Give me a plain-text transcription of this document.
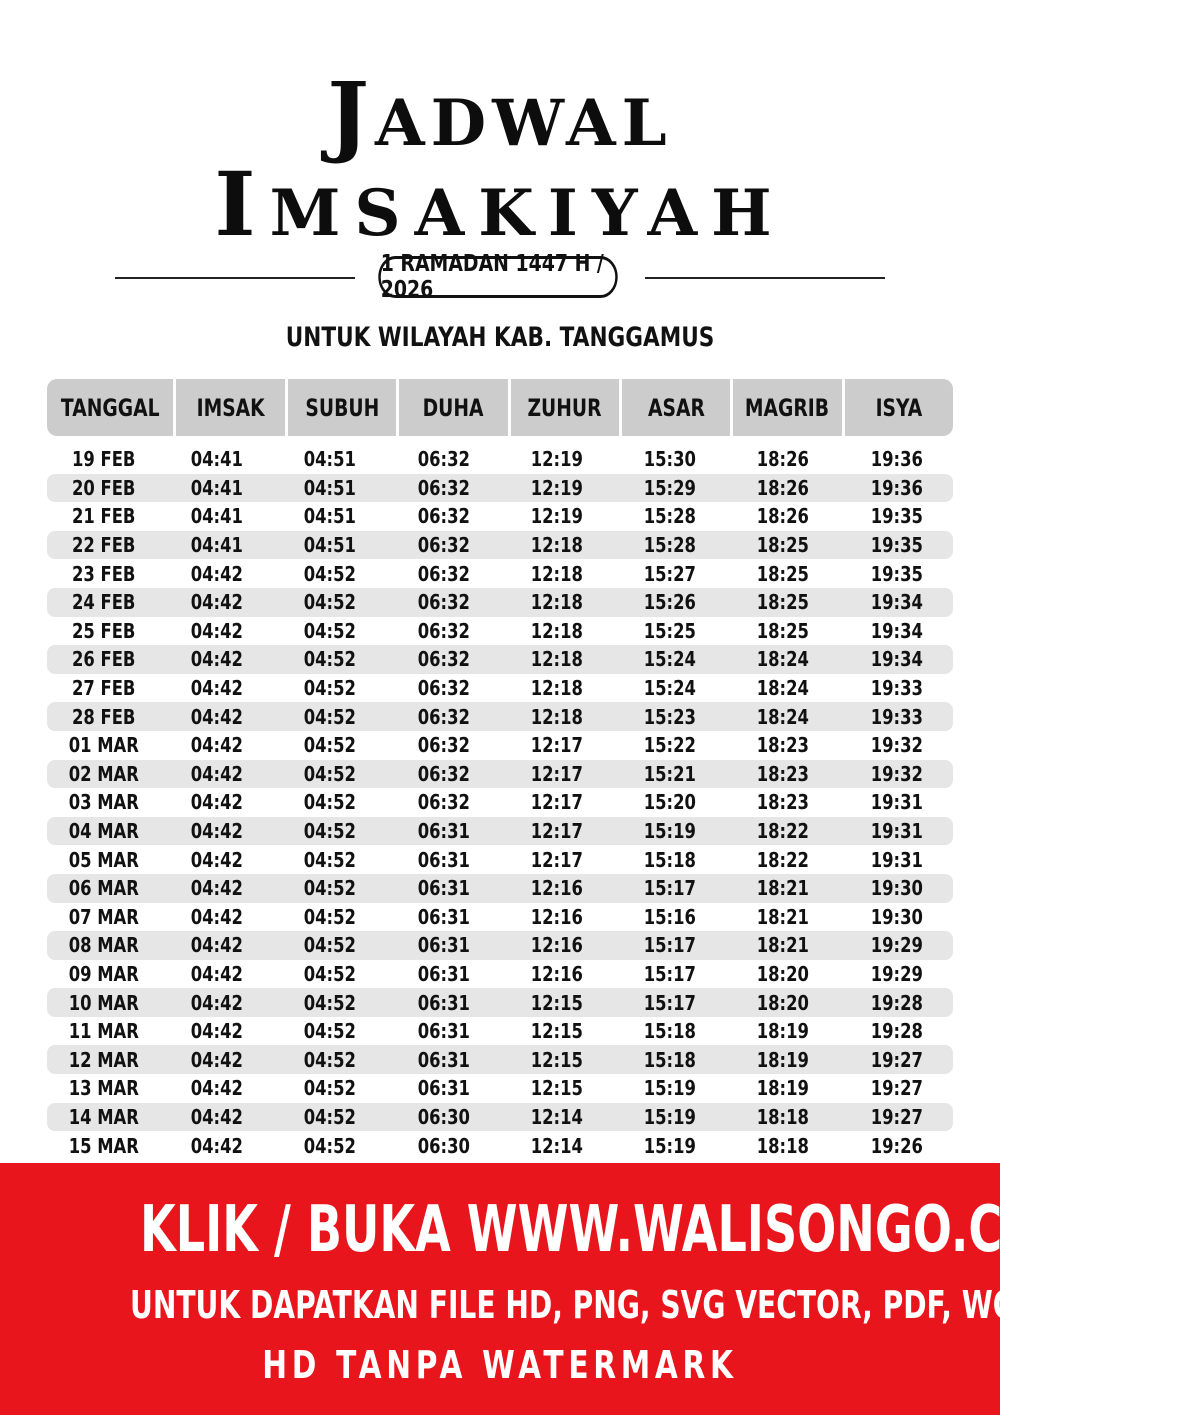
JADWAL
IMSAKIYAH
1 RAMADAN 1447 H / 2026
UNTUK WILAYAH KAB. TANGGAMUS
TANGGAL IMSAK SUBUH DUHA ZUHUR ASAR MAGRIB ISYA
19 FEB	04:41	04:51	06:32	12:19	15:30	18:26	19:36
20 FEB	04:41	04:51	06:32	12:19	15:29	18:26	19:36
21 FEB	04:41	04:51	06:32	12:19	15:28	18:26	19:35
22 FEB	04:41	04:51	06:32	12:18	15:28	18:25	19:35
23 FEB	04:42	04:52	06:32	12:18	15:27	18:25	19:35
24 FEB	04:42	04:52	06:32	12:18	15:26	18:25	19:34
25 FEB	04:42	04:52	06:32	12:18	15:25	18:25	19:34
26 FEB	04:42	04:52	06:32	12:18	15:24	18:24	19:34
27 FEB	04:42	04:52	06:32	12:18	15:24	18:24	19:33
28 FEB	04:42	04:52	06:32	12:18	15:23	18:24	19:33
01 MAR	04:42	04:52	06:32	12:17	15:22	18:23	19:32
02 MAR	04:42	04:52	06:32	12:17	15:21	18:23	19:32
03 MAR	04:42	04:52	06:32	12:17	15:20	18:23	19:31
04 MAR	04:42	04:52	06:31	12:17	15:19	18:22	19:31
05 MAR	04:42	04:52	06:31	12:17	15:18	18:22	19:31
06 MAR	04:42	04:52	06:31	12:16	15:17	18:21	19:30
07 MAR	04:42	04:52	06:31	12:16	15:16	18:21	19:30
08 MAR	04:42	04:52	06:31	12:16	15:17	18:21	19:29
09 MAR	04:42	04:52	06:31	12:16	15:17	18:20	19:29
10 MAR	04:42	04:52	06:31	12:15	15:17	18:20	19:28
11 MAR	04:42	04:52	06:31	12:15	15:18	18:19	19:28
12 MAR	04:42	04:52	06:31	12:15	15:18	18:19	19:27
13 MAR	04:42	04:52	06:31	12:15	15:19	18:19	19:27
14 MAR	04:42	04:52	06:30	12:14	15:19	18:18	19:27
15 MAR	04:42	04:52	06:30	12:14	15:19	18:18	19:26
KLIK / BUKA WWW.WALISONGO.CO.ID
UNTUK DAPATKAN FILE HD, PNG, SVG VECTOR, PDF, WORD, EXCEL
HD TANPA WATERMARK
